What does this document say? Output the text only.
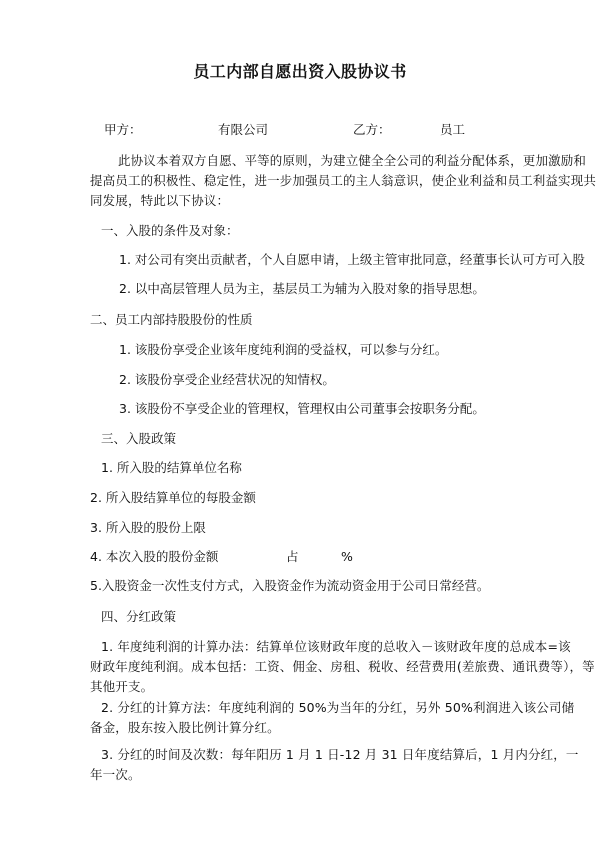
员工内部自愿出资入股协议书
甲方：	有限公司	乙方：	员工
此协议本着双方自愿、平等的原则，为建立健全全公司的利益分配体系，更加激励和
提高员工的积极性、稳定性，进一步加强员工的主人翁意识，使企业利益和员工利益实现共
同发展，特此以下协议：
一、入股的条件及对象：
1. 对公司有突出贡献者，个人自愿申请，上级主管审批同意，经董事长认可方可入股
2. 以中高层管理人员为主，基层员工为辅为入股对象的指导思想。
二、员工内部持股股份的性质
1. 该股份享受企业该年度纯利润的受益权，可以参与分红。
2. 该股份享受企业经营状况的知情权。
3. 该股份不享受企业的管理权，管理权由公司董事会按职务分配。
三、入股政策
1. 所入股的结算单位名称
2. 所入股结算单位的每股金额
3. 所入股的股份上限
4. 本次入股的股份金额	占	%
5.入股资金一次性支付方式，入股资金作为流动资金用于公司日常经营。
四、分红政策
1. 年度纯利润的计算办法：结算单位该财政年度的总收入－该财政年度的总成本=该
财政年度纯利润。成本包括：工资、佣金、房租、税收、经营费用(差旅费、通讯费等），等
其他开支。
2. 分红的计算方法：年度纯利润的 50%为当年的分红，另外 50%利润进入该公司储
备金，股东按入股比例计算分红。
3. 分红的时间及次数：每年阳历 1 月 1 日-12 月 31 日年度结算后，1 月内分红，一
年一次。
